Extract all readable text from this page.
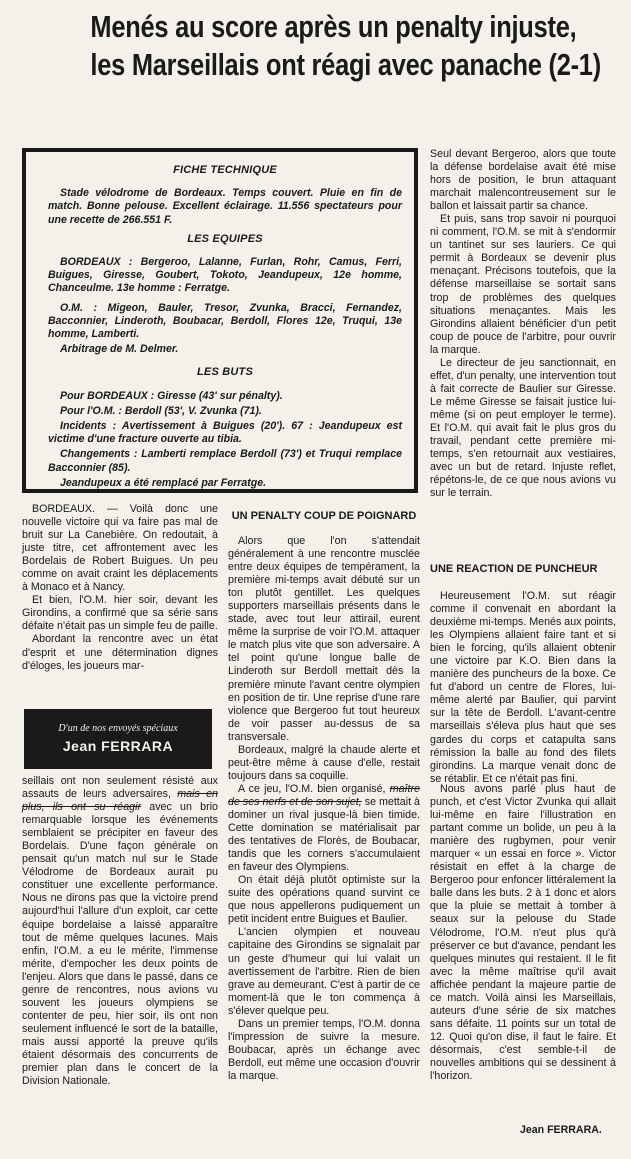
Menés au score après un penalty injuste,
les Marseillais ont réagi avec panache (2-1)
FICHE TECHNIQUE

Stade vélodrome de Bordeaux. Temps couvert. Pluie en fin de match. Bonne pelouse. Excellent éclairage. 11.556 spectateurs pour une recette de 266.551 F.

LES EQUIPES

BORDEAUX : Bergeroo, Lalanne, Furlan, Rohr, Camus, Ferri, Buigues, Giresse, Goubert, Tokoto, Jeandupeux, 12e homme, Chanceulme. 13e homme : Ferratge.

O.M. : Migeon, Bauler, Tresor, Zvunka, Bracci, Fernandez, Bacconnier, Linderoth, Boubacar, Berdoll, Flores 12e, Truqui, 13e homme, Lamberti.

Arbitrage de M. Delmer.

LES BUTS

Pour BORDEAUX : Giresse (43' sur pénalty).

Pour l'O.M. : Berdoll (53', V. Zvunka (71).

Incidents : Avertissement à Buigues (20'). 67 : Jeandupeux est victime d'une fracture ouverte au tibia.

Changements : Lamberti remplace Berdoll (73') et Truqui remplace Bacconnier (85).

Jeandupeux a été remplacé par Ferratge.

BORDEAUX. — Voilà donc une nouvelle victoire qui va faire pas mal de bruit sur La Canebière. On redoutait, à juste titre, cet affrontement avec les Bordelais de Robert Buigues. Un peu comme on avait craint les déplacements à Monaco et à Nancy.

Et bien, l'O.M. hier soir, devant les Girondins, a confirmé que sa série sans défaite n'était pas un simple feu de paille.

Abordant la rencontre avec un état d'esprit et une détermination dignes d'éloges, les joueurs mar-

D'un de nos envoyés spéciaux
Jean FERRARA

seillais ont non seulement résisté aux assauts de leurs adversaires, mais en plus, ils ont su réagir avec un brio remarquable lorsque les événements semblaient se précipiter en faveur des Bordelais. D'une façon générale on pensait qu'un match nul sur le Stade Vélodrome de Bordeaux aurait pu constituer une excellente performance. Nous ne dirons pas que la victoire prend aujourd'hui l'allure d'un exploit, car cette équipe bordelaise a laissé apparaître tout de même quelques lacunes. Mais enfin, l'O.M. a eu le mérite, l'immense mérite, d'empocher les deux points de l'enjeu. Alors que dans le passé, dans ce genre de rencontres, nous avions vu souvent les joueurs olympiens se contenter de peu, hier soir, ils ont non seulement influencé le sort de la bataille, mais aussi apporté la preuve qu'ils étaient désormais des concurrents de premier plan dans le concert de la Division Nationale.

UN PENALTY COUP DE POIGNARD

Alors que l'on s'attendait généralement à une rencontre musclée entre deux équipes de tempérament, la première mi-temps avait débuté sur un ton plutôt gentillet. Les quelques supporters marseillais présents dans le stade, avec tout leur attirail, eurent même la surprise de voir l'O.M. attaquer le match plus vite que son adversaire. A tel point qu'une longue balle de Linderoth sur Berdoll mettait dès la première minute l'avant centre olympien en position de tir. Une reprise d'une rare violence que Bergeroo fut tout heureux de voir passer au-dessus de sa transversale.

Bordeaux, malgré la chaude alerte et peut-être même à cause d'elle, restait toujours dans sa coquille.

A ce jeu, l'O.M. bien organisé, maître de ses nerfs et de son sujet, se mettait à dominer un rival jusque-là bien timide. Cette domination se matérialisait par des tentatives de Florès, de Boubacar, tandis que les corners s'accumulaient en faveur des Olympiens.

On était déjà plutôt optimiste sur la suite des opérations quand survint ce que nous appellerons pudiquement un petit incident entre Buigues et Baulier.

L'ancien olympien et nouveau capitaine des Girondins se signalait par un geste d'humeur qui lui valait un avertissement de l'arbitre. Rien de bien grave au demeurant. C'est à partir de ce moment-là que le ton commença à s'élever quelque peu.

Dans un premier temps, l'O.M. donna l'impression de suivre la mesure. Boubacar, après un échange avec Berdoll, eut même une occasion d'ouvrir la marque.

Seul devant Bergeroo, alors que toute la défense bordelaise avait été mise hors de position, le brun attaquant marchait malencontreusement sur le ballon et laissait partir sa chance.

Et puis, sans trop savoir ni pourquoi ni comment, l'O.M. se mit à s'endormir un tantinet sur ses lauriers. Ce qui permit à Bordeaux se devenir plus menaçant. Précisons toutefois, que la défense marseillaise se sortait sans trop de problèmes des quelques situations menaçantes. Mais les Girondins allaient bénéficier d'un petit coup de pouce de l'arbitre, pour ouvrir la marque.

Le directeur de jeu sanctionnait, en effet, d'un penalty, une intervention tout à fait correcte de Baulier sur Giresse. Le même Giresse se faisait justice lui-même (si on peut employer le terme). Et l'O.M. qui avait fait le plus gros du travail, pendant cette première mi-temps, s'en retournait aux vestiaires, avec un but de retard. Injuste reflet, répétons-le, de ce que nous avions vu sur le terrain.

UNE REACTION DE PUNCHEUR

Heureusement l'O.M. sut réagir comme il convenait en abordant la deuxième mi-temps. Menés aux points, les Olympiens allaient faire tant et si bien le forcing, qu'ils allaient obtenir une victoire par K.O. Bien dans la manière des puncheurs de la boxe. Ce fut d'abord un centre de Flores, lui-même alerté par Baulier, qui parvint sur la tête de Berdoll. L'avant-centre marseillais s'éleva plus haut que ses gardes du corps et catapulta sans rémission la balle au fond des filets girondins. La marque venait donc de se rétablir. Et ce n'était pas fini.

Nous avons parlé plus haut de punch, et c'est Victor Zvunka qui allait lui-même en faire l'illustration en partant comme un bolide, un peu à la manière des rugbymen, pour venir marquer « un essai en force ». Victor résistait en effet à la charge de Bergeroo pour enfoncer littéralement la balle dans les buts. 2 à 1 donc et alors que la pluie se mettait à tomber à seaux sur la pelouse du Stade Vélodrome, l'O.M. n'eut plus qu'à préserver ce but d'avance, pendant les quelques minutes qui restaient. Il le fit avec la même maîtrise qu'il avait affichée pendant la majeure partie de ce match. Voilà ainsi les Marseillais, auteurs d'une série de six matches sans défaite. 11 points sur un total de 12. Quoi qu'on dise, il faut le faire. Et désormais, c'est semble-t-il de nouvelles ambitions qui se dessinent à l'horizon.

Jean FERRARA.
